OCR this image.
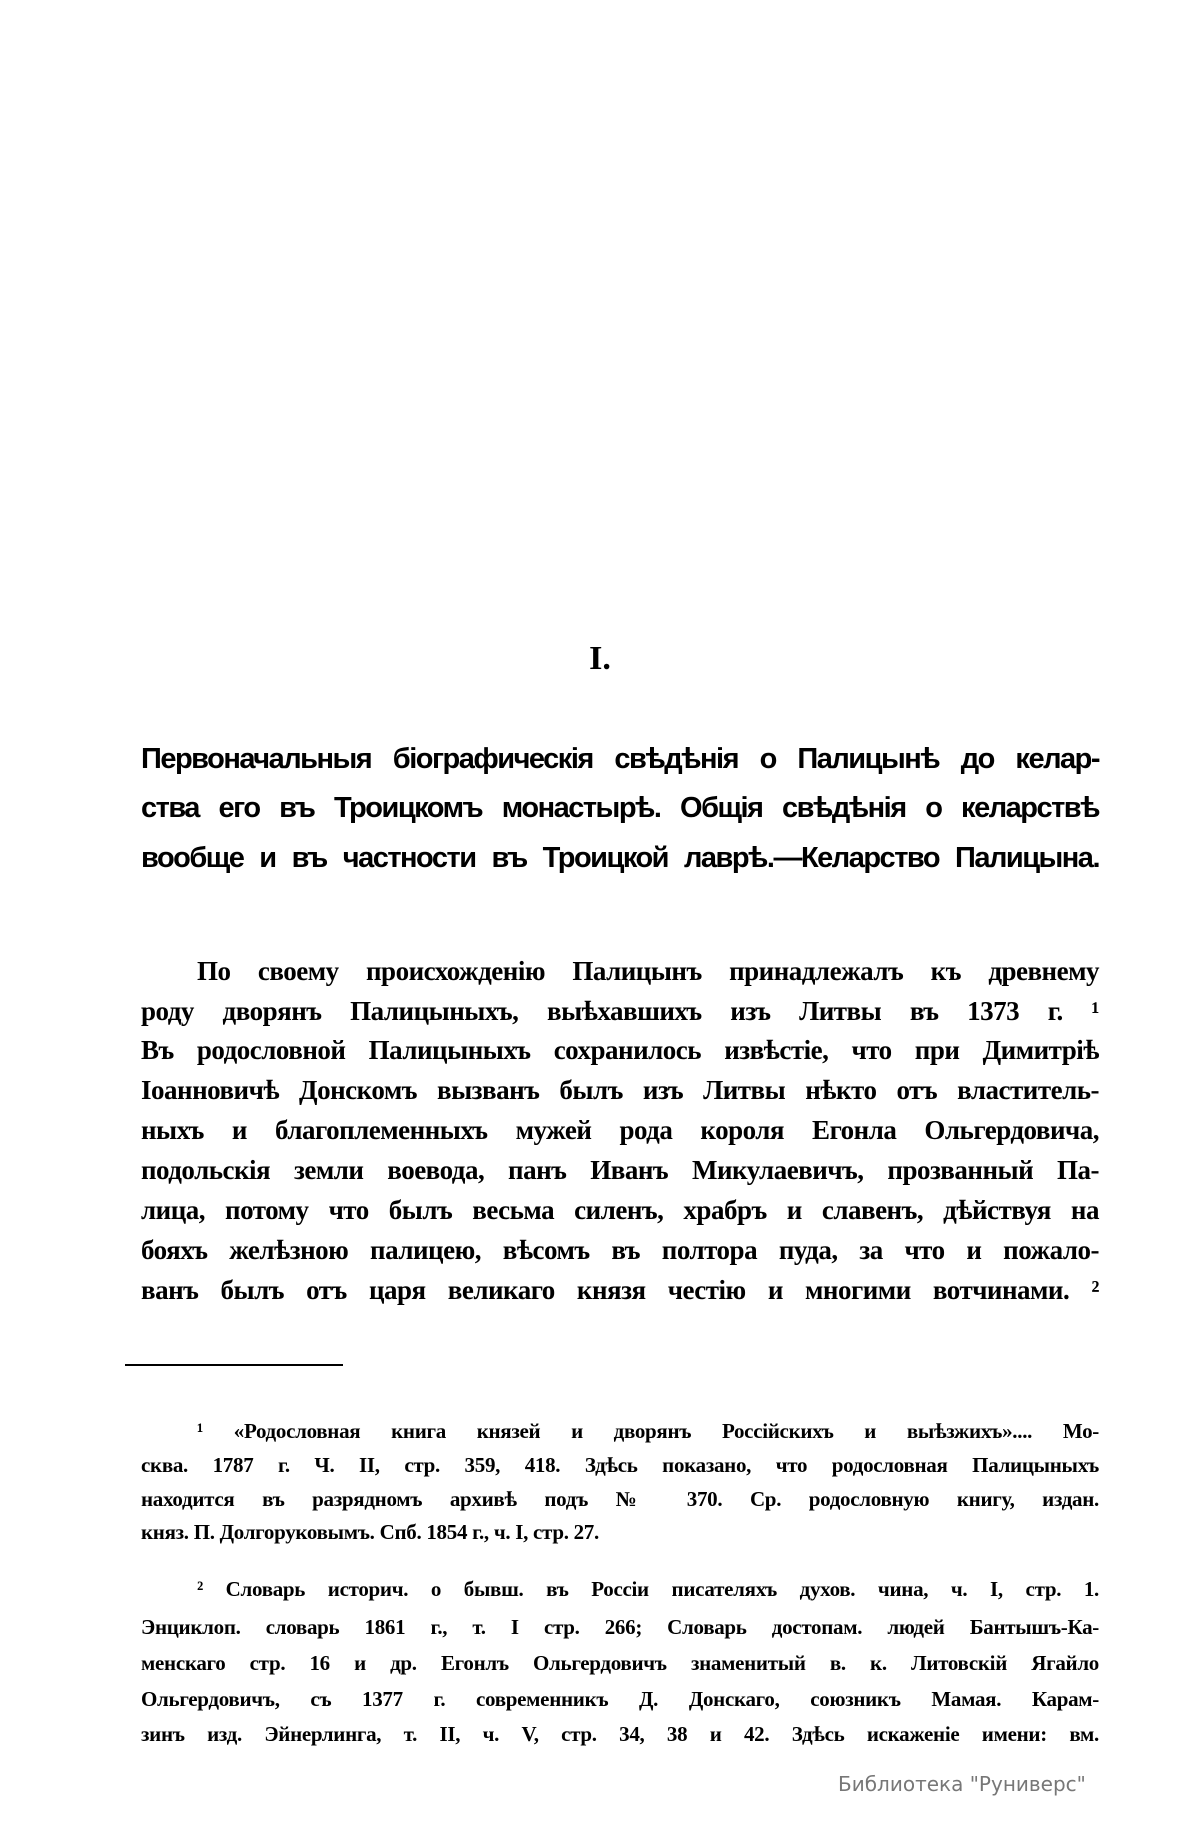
I.
Первоначальныя біографическія свѣдѣнія о Палицынѣ до келар-
ства его въ Троицкомъ монастырѣ. Общія свѣдѣнія о келарствѣ
вообще и въ частности въ Троицкой лаврѣ.—Келарство Палицына.
По своему происхожденію Палицынъ принадлежалъ къ древнему
роду дворянъ Палицыныхъ, выѣхавшихъ изъ Литвы въ 1373 г. ¹
Въ родословной Палицыныхъ сохранилось извѣстіе, что при Димитріѣ
Іоанновичѣ Донскомъ вызванъ былъ изъ Литвы нѣкто отъ властитель-
ныхъ и благоплеменныхъ мужей рода короля Егонла Ольгердовича,
подольскія земли воевода, панъ Иванъ Микулаевичъ, прозванный Па-
лица, потому что былъ весьма силенъ, храбръ и славенъ, дѣйствуя на
бояхъ желѣзною палицею, вѣсомъ въ полтора пуда, за что и пожало-
ванъ былъ отъ царя великаго князя честію и многими вотчинами. ²
¹ «Родословная книга князей и дворянъ Россійскихъ и выѣзжихъ».... Мо-
сква. 1787 г. Ч. II, стр. 359, 418. Здѣсь показано, что родословная Палицыныхъ
находится въ разрядномъ архивѣ подъ № 370. Ср. родословную книгу, издан.
княз. П. Долгоруковымъ. Спб. 1854 г., ч. I, стр. 27.
² Словарь историч. о бывш. въ Россіи писателяхъ духов. чина, ч. I, стр. 1.
Энциклоп. словарь 1861 г., т. I стр. 266; Словарь достопам. людей Бантышъ-Ка-
менскаго стр. 16 и др. Егонлъ Ольгердовичъ знаменитый в. к. Литовскій Ягайло
Ольгердовичъ, съ 1377 г. современникъ Д. Донскаго, союзникъ Мамая. Карам-
зинъ изд. Эйнерлинга, т. II, ч. V, стр. 34, 38 и 42. Здѣсь искаженіе имени: вм.
Библиотека "Руниверс"
